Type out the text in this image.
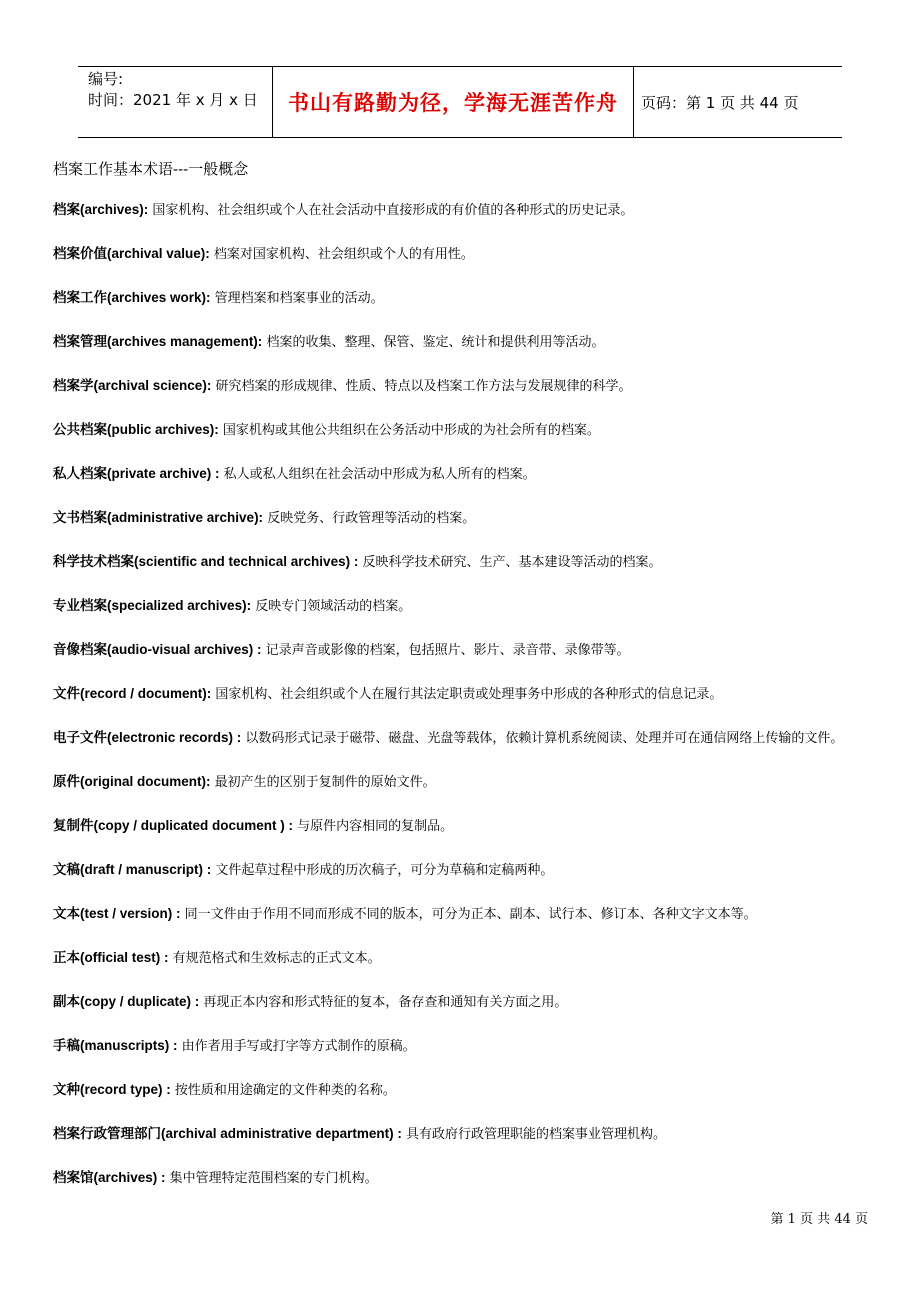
编号:
时间：2021 年 x 月 x 日	书山有路勤为径，学海无涯苦作舟	页码：第 1 页 共 44 页
档案工作基本术语---一般概念
档案(archives): 国家机构、社会组织或个人在社会活动中直接形成的有价值的各种形式的历史记录。
档案价值(archival value): 档案对国家机构、社会组织或个人的有用性。
档案工作(archives work): 管理档案和档案事业的活动。
档案管理(archives management): 档案的收集、整理、保管、鉴定、统计和提供利用等活动。
档案学(archival science): 研究档案的形成规律、性质、特点以及档案工作方法与发展规律的科学。
公共档案(public archives): 国家机构或其他公共组织在公务活动中形成的为社会所有的档案。
私人档案(private archive) : 私人或私人组织在社会活动中形成为私人所有的档案。
文书档案(administrative archive): 反映党务、行政管理等活动的档案。
科学技术档案(scientific and technical archives) : 反映科学技术研究、生产、基本建设等活动的档案。
专业档案(specialized archives): 反映专门领域活动的档案。
音像档案(audio-visual archives) : 记录声音或影像的档案，包括照片、影片、录音带、录像带等。
文件(record / document): 国家机构、社会组织或个人在履行其法定职责或处理事务中形成的各种形式的信息记录。
电子文件(electronic records) : 以数码形式记录于磁带、磁盘、光盘等载体，依赖计算机系统阅读、处理并可在通信网络上传输的文件。
原件(original document): 最初产生的区别于复制件的原始文件。
复制件(copy / duplicated document ) : 与原件内容相同的复制品。
文稿(draft / manuscript) : 文件起草过程中形成的历次稿子，可分为草稿和定稿两种。
文本(test / version) : 同一文件由于作用不同而形成不同的版本，可分为正本、副本、试行本、修订本、各种文字文本等。
正本(official test) : 有规范格式和生效标志的正式文本。
副本(copy / duplicate) : 再现正本内容和形式特征的复本，备存查和通知有关方面之用。
手稿(manuscripts) : 由作者用手写或打字等方式制作的原稿。
文种(record type) : 按性质和用途确定的文件种类的名称。
档案行政管理部门(archival administrative department) : 具有政府行政管理职能的档案事业管理机构。
档案馆(archives) : 集中管理特定范围档案的专门机构。
第 1 页 共 44 页
